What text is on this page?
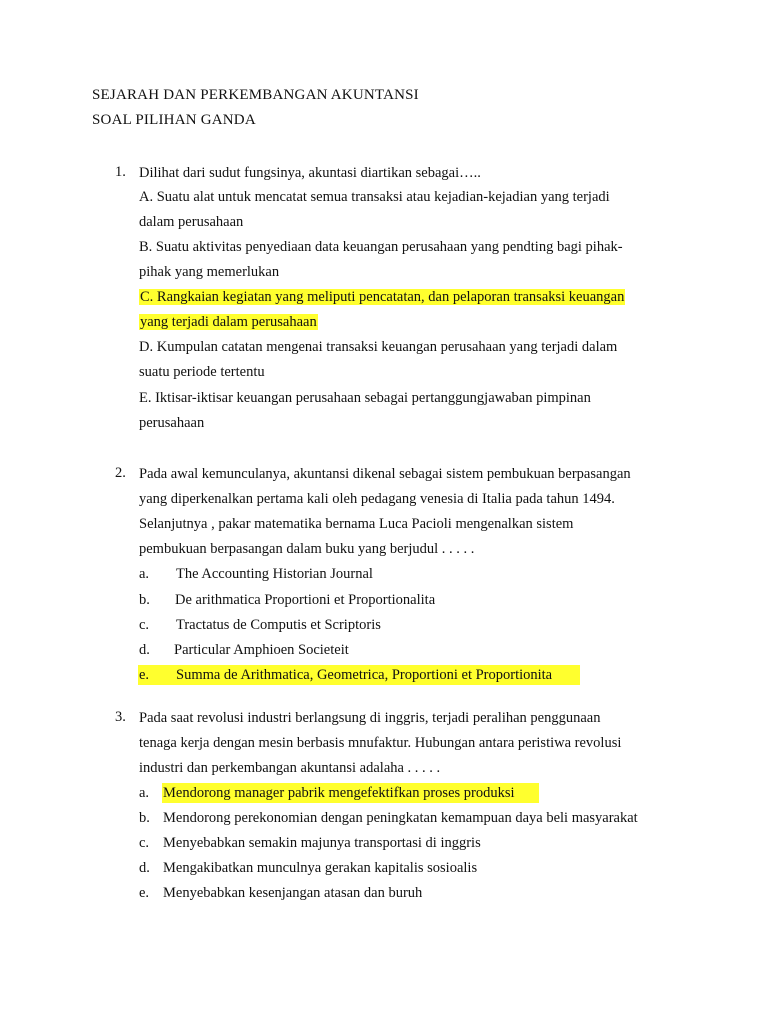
SEJARAH DAN PERKEMBANGAN AKUNTANSI
SOAL PILIHAN GANDA
1. Dilihat dari sudut fungsinya, akuntasi diartikan sebagai…..
A. Suatu alat untuk mencatat semua transaksi atau kejadian-kejadian yang terjadi
dalam perusahaan
B. Suatu aktivitas penyediaan data keuangan perusahaan yang pendting bagi pihak-
pihak yang memerlukan
C. Rangkaian kegiatan yang meliputi pencatatan, dan pelaporan transaksi keuangan
yang terjadi dalam perusahaan
D. Kumpulan catatan mengenai transaksi keuangan perusahaan yang terjadi dalam
suatu periode tertentu
E. Iktisar-iktisar keuangan perusahaan sebagai pertanggungjawaban pimpinan
perusahaan
2. Pada awal kemunculanya, akuntansi dikenal sebagai sistem pembukuan berpasangan
yang diperkenalkan pertama kali oleh pedagang venesia di Italia pada tahun 1494.
Selanjutnya , pakar matematika bernama Luca Pacioli mengenalkan sistem
pembukuan berpasangan dalam buku yang berjudul . . . . .
a. The Accounting Historian Journal
b. De arithmatica Proportioni et Proportionalita
c. Tractatus de Computis et Scriptoris
d. Particular Amphioen Societeit
e. Summa de Arithmatica, Geometrica, Proportioni et Proportionita
3. Pada saat revolusi industri berlangsung di inggris, terjadi peralihan penggunaan
tenaga kerja dengan mesin berbasis mnufaktur. Hubungan antara peristiwa revolusi
industri dan perkembangan akuntansi adalaha . . . . .
a. Mendorong manager pabrik mengefektifkan proses produksi
b. Mendorong perekonomian dengan peningkatan kemampuan daya beli masyarakat
c. Menyebabkan semakin majunya transportasi di inggris
d. Mengakibatkan munculnya gerakan kapitalis sosioalis
e. Menyebabkan kesenjangan atasan dan buruh
